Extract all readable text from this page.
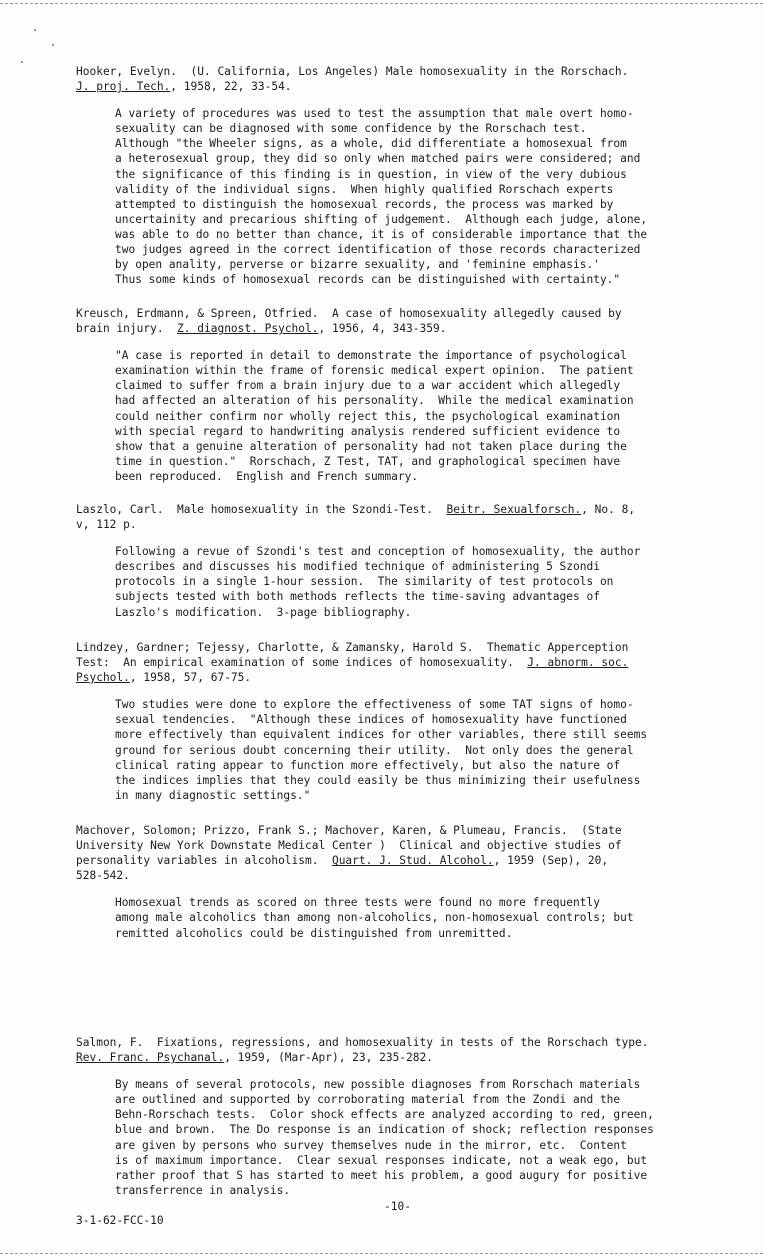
Hooker, Evelyn.  (U. California, Los Angeles) Male homosexuality in the Rorschach.
J. proj. Tech., 1958, 22, 33-54.
A variety of procedures was used to test the assumption that male overt homo-
sexuality can be diagnosed with some confidence by the Rorschach test.
Although "the Wheeler signs, as a whole, did differentiate a homosexual from
a heterosexual group, they did so only when matched pairs were considered; and
the significance of this finding is in question, in view of the very dubious
validity of the individual signs.  When highly qualified Rorschach experts
attempted to distinguish the homosexual records, the process was marked by
uncertainity and precarious shifting of judgement.  Although each judge, alone,
was able to do no better than chance, it is of considerable importance that the
two judges agreed in the correct identification of those records characterized
by open anality, perverse or bizarre sexuality, and 'feminine emphasis.'
Thus some kinds of homosexual records can be distinguished with certainty."
Kreusch, Erdmann, & Spreen, Otfried.  A case of homosexuality allegedly caused by
brain injury.  Z. diagnost. Psychol., 1956, 4, 343-359.
"A case is reported in detail to demonstrate the importance of psychological
examination within the frame of forensic medical expert opinion.  The patient
claimed to suffer from a brain injury due to a war accident which allegedly
had affected an alteration of his personality.  While the medical examination
could neither confirm nor wholly reject this, the psychological examination
with special regard to handwriting analysis rendered sufficient evidence to
show that a genuine alteration of personality had not taken place during the
time in question."  Rorschach, Z Test, TAT, and graphological specimen have
been reproduced.  English and French summary.
Laszlo, Carl.  Male homosexuality in the Szondi-Test.  Beitr. Sexualforsch., No. 8,
v, 112 p.
Following a revue of Szondi's test and conception of homosexuality, the author
describes and discusses his modified technique of administering 5 Szondi
protocols in a single 1-hour session.  The similarity of test protocols on
subjects tested with both methods reflects the time-saving advantages of
Laszlo's modification.  3-page bibliography.
Lindzey, Gardner; Tejessy, Charlotte, & Zamansky, Harold S.  Thematic Apperception
Test:  An empirical examination of some indices of homosexuality.  J. abnorm. soc.
Psychol., 1958, 57, 67-75.
Two studies were done to explore the effectiveness of some TAT signs of homo-
sexual tendencies.  "Although these indices of homosexuality have functioned
more effectively than equivalent indices for other variables, there still seems
ground for serious doubt concerning their utility.  Not only does the general
clinical rating appear to function more effectively, but also the nature of
the indices implies that they could easily be thus minimizing their usefulness
in many diagnostic settings."
Machover, Solomon; Prizzo, Frank S.; Machover, Karen, & Plumeau, Francis.  (State
University New York Downstate Medical Center )  Clinical and objective studies of
personality variables in alcoholism.  Quart. J. Stud. Alcohol., 1959 (Sep), 20,
528-542.
Homosexual trends as scored on three tests were found no more frequently
among male alcoholics than among non-alcoholics, non-homosexual controls; but
remitted alcoholics could be distinguished from unremitted.
Salmon, F.  Fixations, regressions, and homosexuality in tests of the Rorschach type.
Rev. Franc. Psychanal., 1959, (Mar-Apr), 23, 235-282.
By means of several protocols, new possible diagnoses from Rorschach materials
are outlined and supported by corroborating material from the Zondi and the
Behn-Rorschach tests.  Color shock effects are analyzed according to red, green,
blue and brown.  The Do response is an indication of shock; reflection responses
are given by persons who survey themselves nude in the mirror, etc.  Content
is of maximum importance.  Clear sexual responses indicate, not a weak ego, but
rather proof that S has started to meet his problem, a good augury for positive
transferrence in analysis.
-10-
3-1-62-FCC-10
